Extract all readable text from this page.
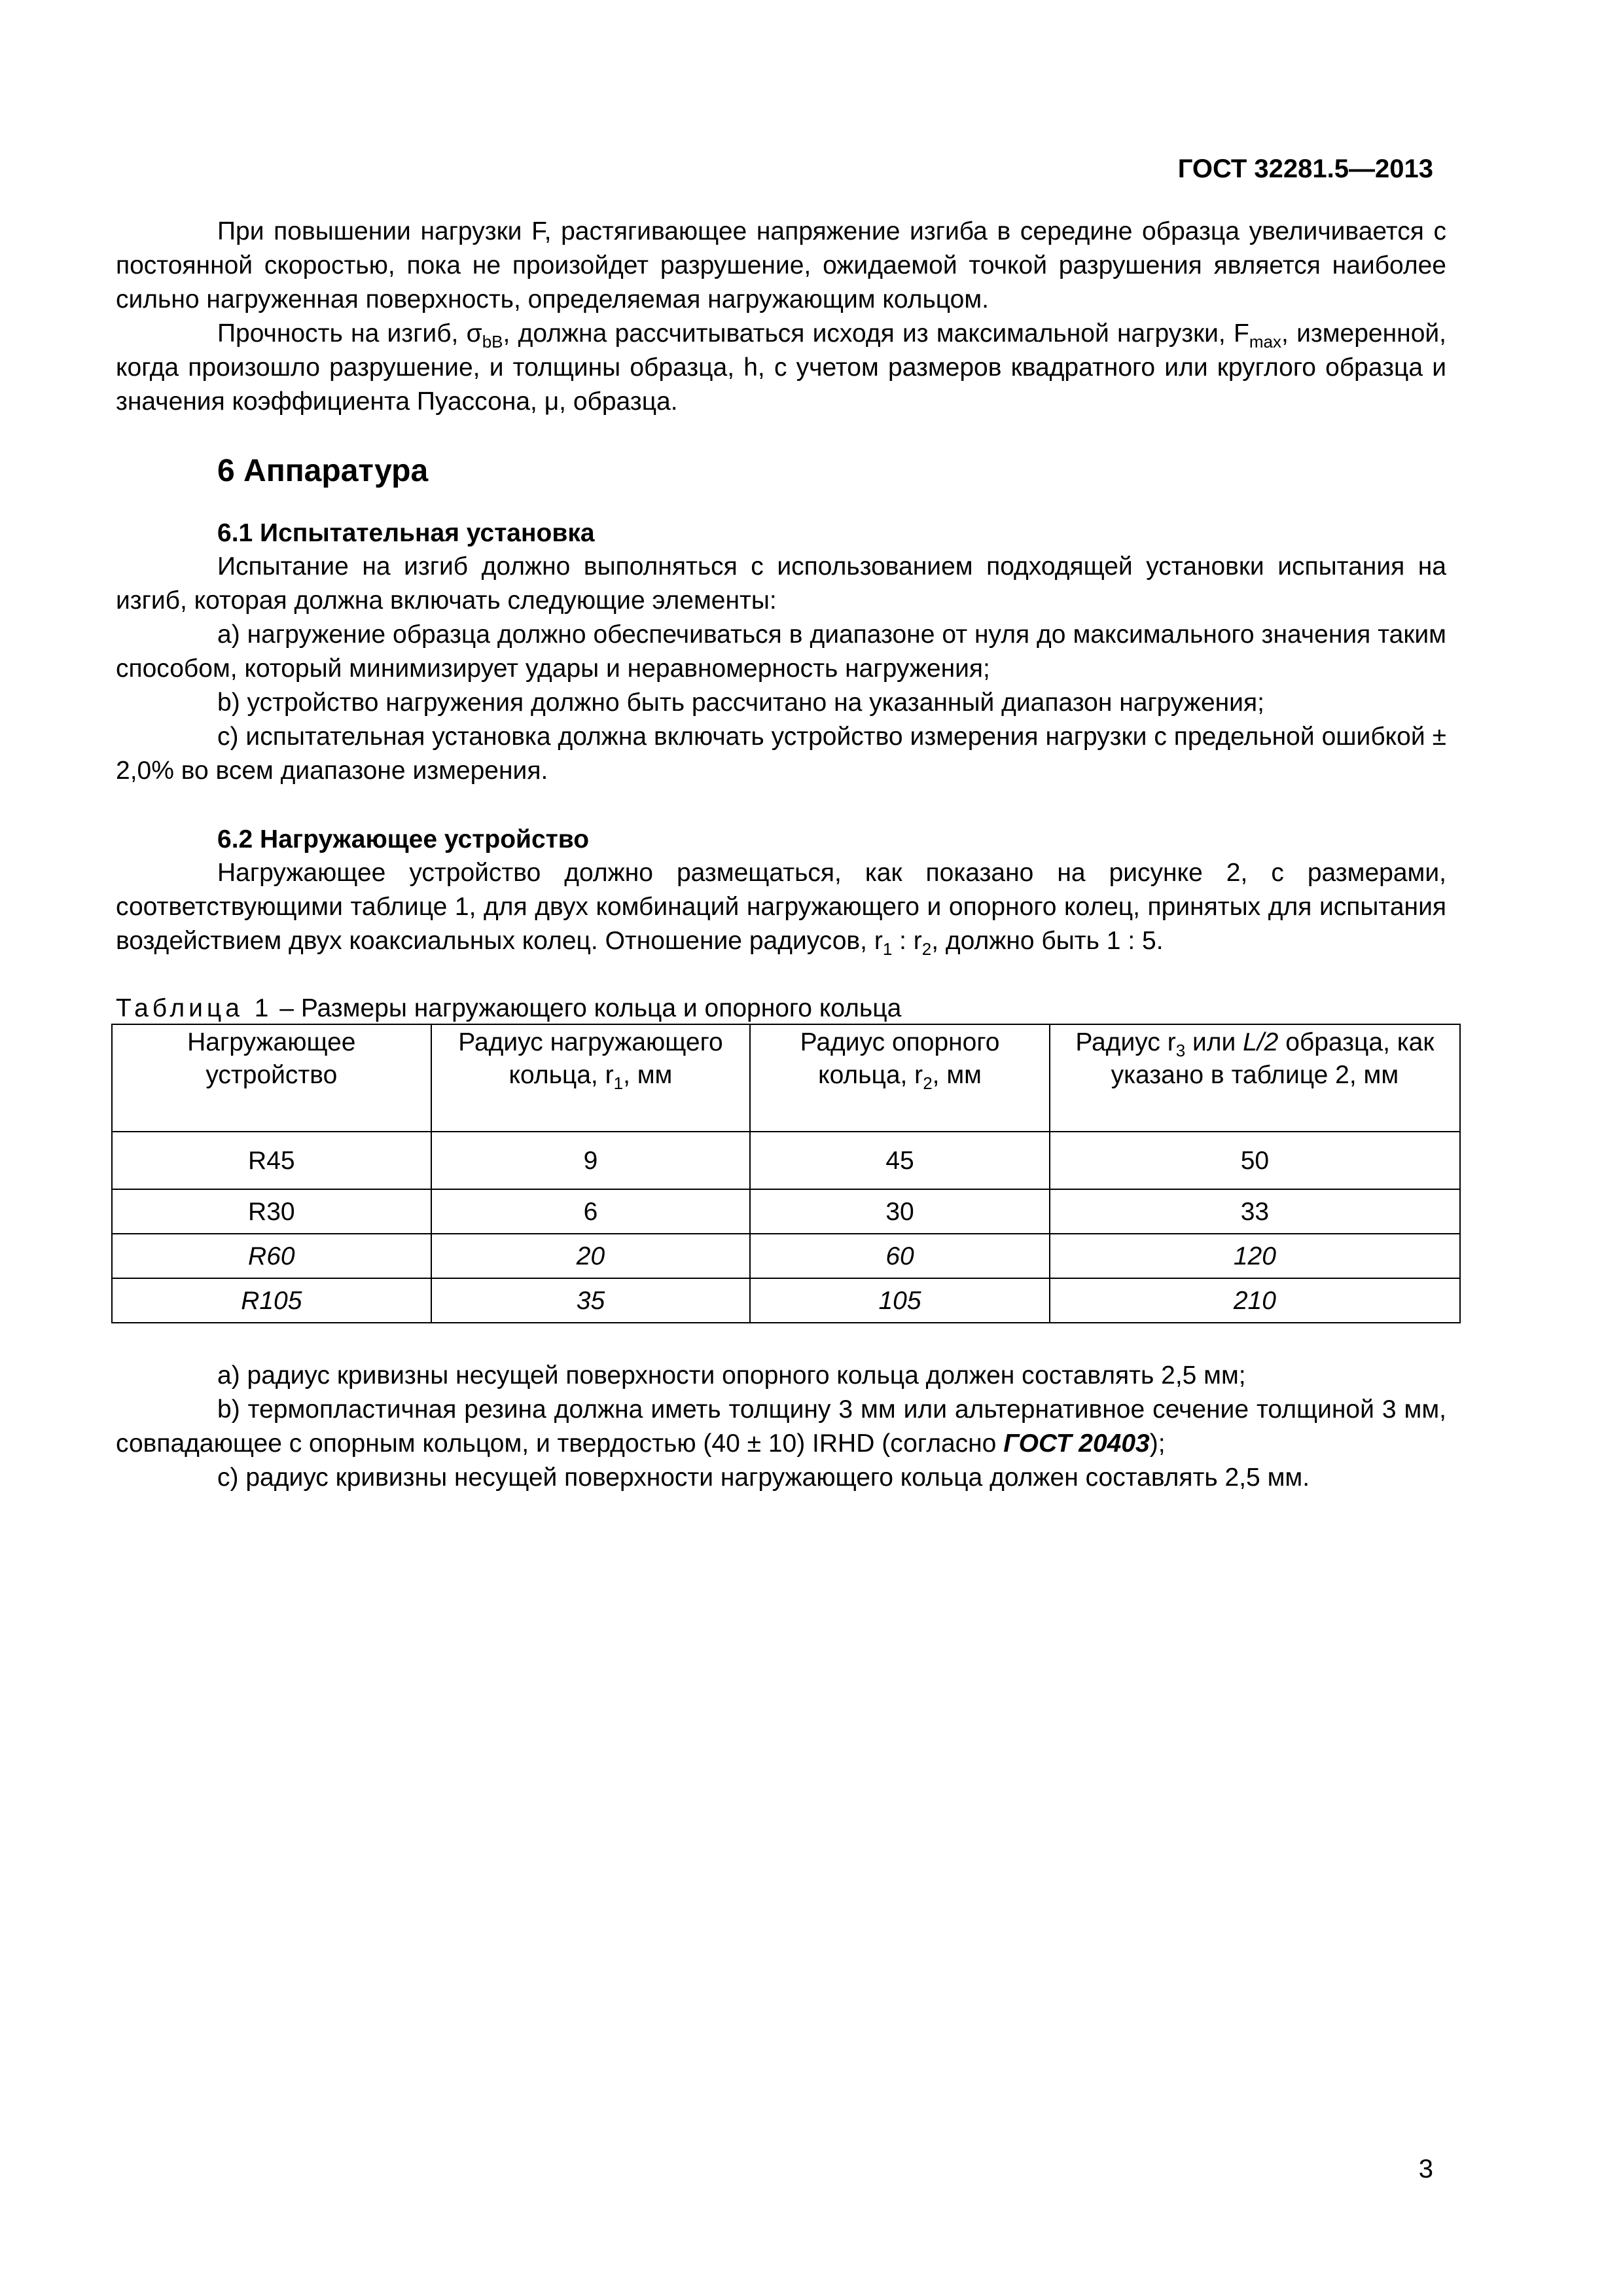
ГОСТ 32281.5—2013

При повышении нагрузки F, растягивающее напряжение изгиба в середине образца увеличивается с постоянной скоростью, пока не произойдет разрушение, ожидаемой точкой разрушения является наиболее сильно нагруженная поверхность, определяемая нагружающим кольцом.

Прочность на изгиб, $\sigma_{bB}$, должна рассчитываться исходя из максимальной нагрузки, $F_{max}$, измеренной, когда произошло разрушение, и толщины образца, h, с учетом размеров квадратного или круглого образца и значения коэффициента Пуассона, μ, образца.

6 Аппаратура
6.1 Испытательная установка

Испытание на изгиб должно выполняться с использованием подходящей установки испытания на изгиб, которая должна включать следующие элементы:

а) нагружение образца должно обеспечиваться в диапазоне от нуля до максимального значения таким способом, который минимизирует удары и неравномерность нагружения;

b) устройство нагружения должно быть рассчитано на указанный диапазон нагружения;

с) испытательная установка должна включать устройство измерения нагрузки с предельной ошибкой ± 2,0% во всем диапазоне измерения.

6.2 Нагружающее устройство

Нагружающее устройство должно размещаться, как показано на рисунке 2, с размерами, соответствующими таблице 1, для двух комбинаций нагружающего и опорного колец, принятых для испытания воздействием двух коаксиальных колец. Отношение радиусов, $r_1$ : $r_2$, должно быть 1 : 5.

Таблица 1 – Размеры нагружающего кольца и опорного кольца
Нагружающее устройство	Радиус нагружающего кольца, $r_1$, мм	Радиус опорного кольца, $r_2$, мм	Радиус $r_3$ или L/2 образца, как указано в таблице 2, мм
R45	9	45	50
R30	6	30	33
R60	20	60	120
R105	35	105	210

а) радиус кривизны несущей поверхности опорного кольца должен составлять 2,5 мм;

b) термопластичная резина должна иметь толщину 3 мм или альтернативное сечение толщиной 3 мм, совпадающее с опорным кольцом, и твердостью (40 ± 10) IRHD (согласно ГОСТ 20403);

с) радиус кривизны несущей поверхности нагружающего кольца должен составлять 2,5 мм.

3
